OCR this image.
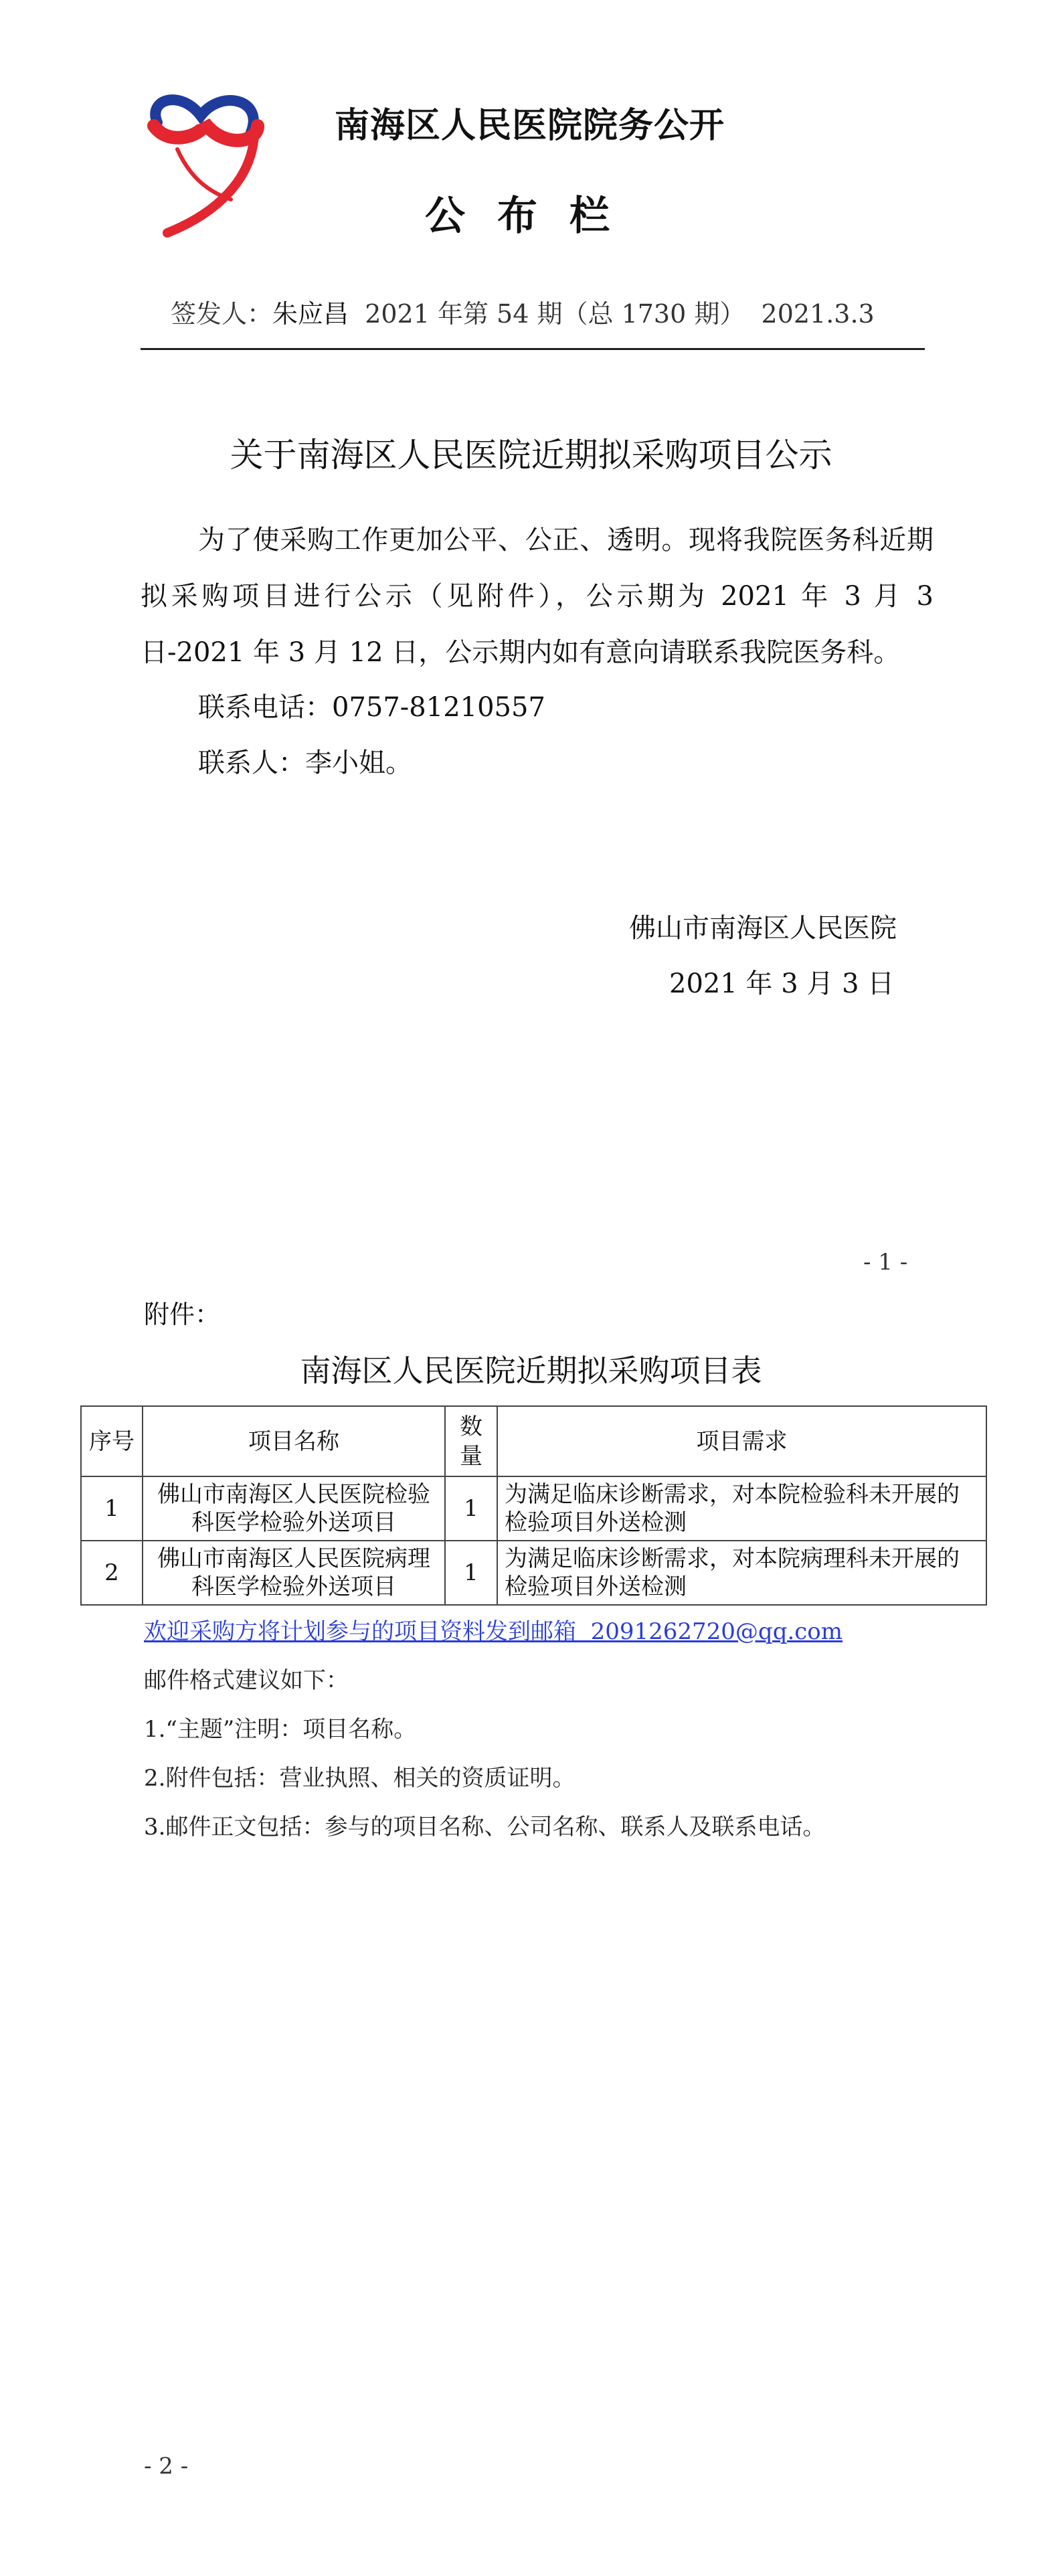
南海区人民医院院务公开
公布栏
签发人：朱应昌  2021 年第 54 期（总 1730 期）  2021.3.3
关于南海区人民医院近期拟采购项目公示
为了使采购工作更加公平、公正、透明。现将我院医务科近期拟采购项目进行公示（见附件），公示期为 2021 年 3 月 3 日-2021 年 3 月 12 日，公示期内如有意向请联系我院医务科。
联系电话：0757-81210557
联系人：李小姐。
佛山市南海区人民医院
2021 年 3 月 3 日
- 1 -
附件：
南海区人民医院近期拟采购项目表
序号	项目名称	数量	项目需求
1	佛山市南海区人民医院检验科医学检验外送项目	1	为满足临床诊断需求，对本院检验科未开展的检验项目外送检测
2	佛山市南海区人民医院病理科医学检验外送项目	1	为满足临床诊断需求，对本院病理科未开展的检验项目外送检测
欢迎采购方将计划参与的项目资料发到邮箱  2091262720@qq.com
邮件格式建议如下：
1.“主题”注明：项目名称。
2.附件包括：营业执照、相关的资质证明。
3.邮件正文包括：参与的项目名称、公司名称、联系人及联系电话。
- 2 -
